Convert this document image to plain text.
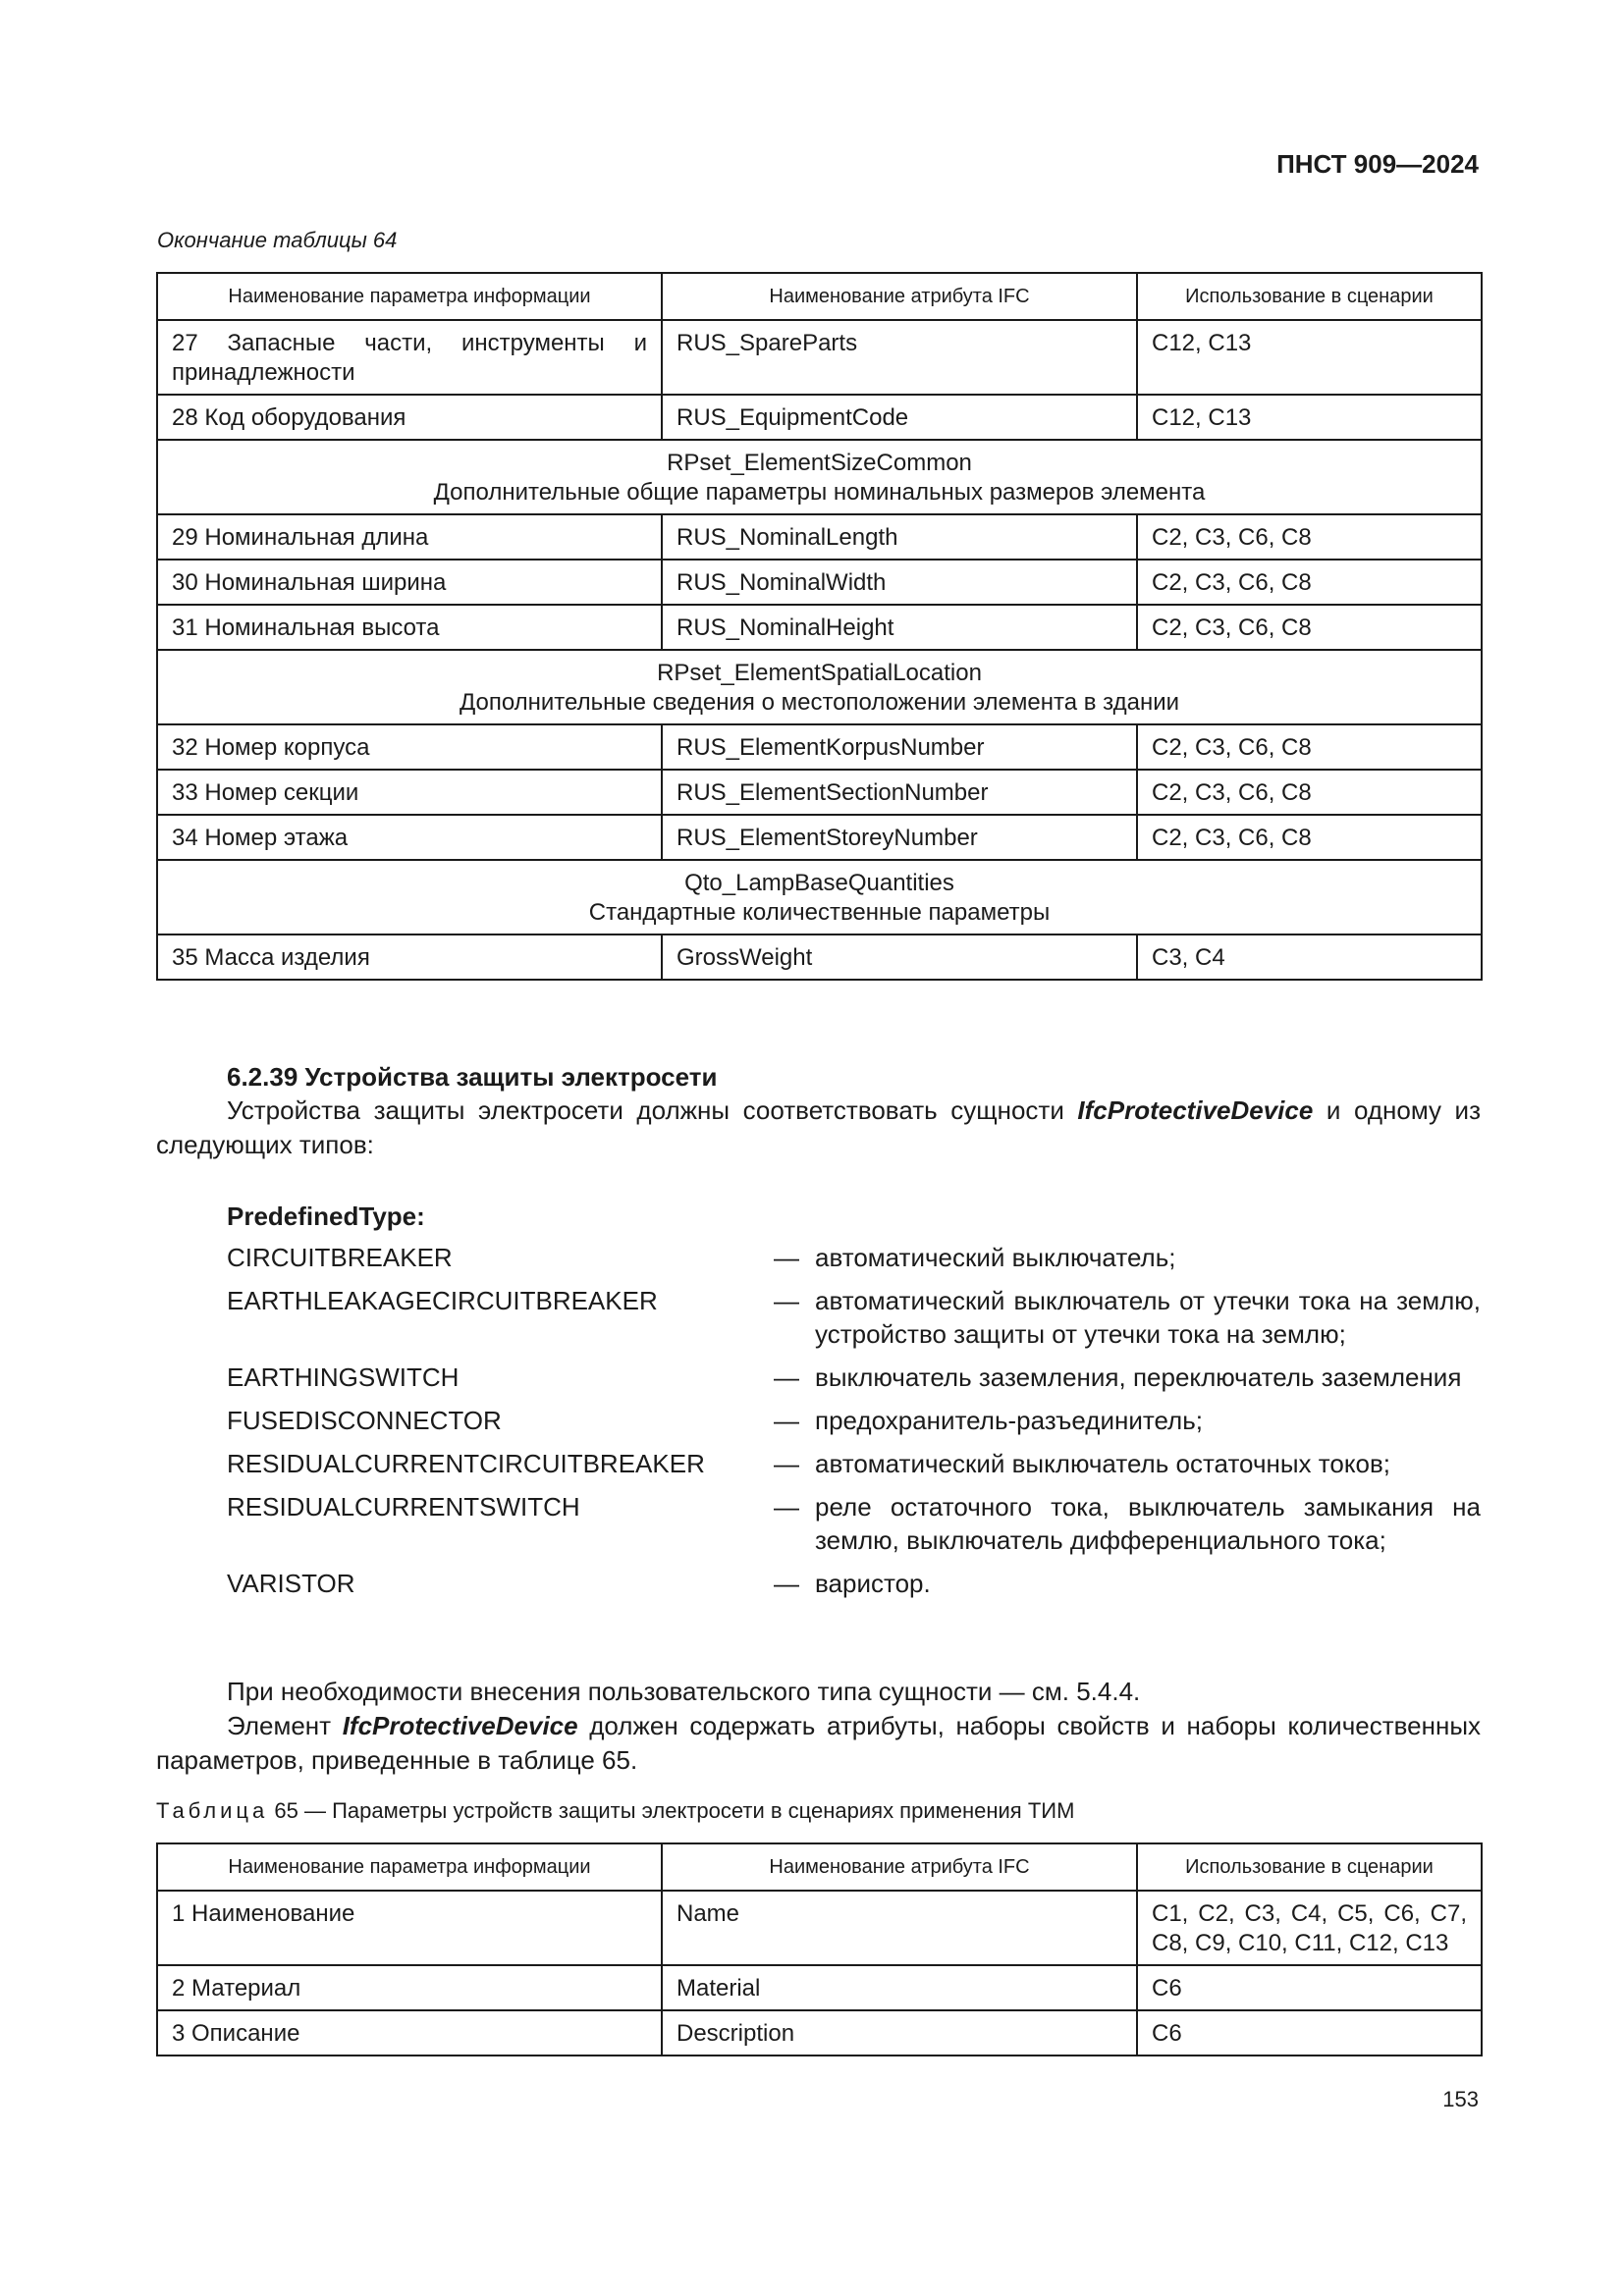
ПНСТ 909—2024
Окончание таблицы 64
Наименование параметра информации	Наименование атрибута IFC	Использование в сценарии
27 Запасные части, инструменты и принадлежности	RUS_SpareParts	C12, C13
28 Код оборудования	RUS_EquipmentCode	C12, C13

RPset_ElementSizeCommon
Дополнительные общие параметры номинальных размеров элемента		

29 Номинальная длина	RUS_NominalLength	C2, C3, C6, C8
30 Номинальная ширина	RUS_NominalWidth	C2, C3, C6, C8
31 Номинальная высота	RUS_NominalHeight	C2, C3, C6, C8

RPset_ElementSpatialLocation
Дополнительные сведения о местоположении элемента в здании		

32 Номер корпуса	RUS_ElementKorpusNumber	C2, C3, C6, C8
33 Номер секции	RUS_ElementSectionNumber	C2, C3, C6, C8
34 Номер этажа	RUS_ElementStoreyNumber	C2, C3, C6, C8

Qto_LampBaseQuantities
Стандартные количественные параметры		

35 Масса изделия	GrossWeight	C3, C4
6.2.39 Устройства защиты электросети
Устройства защиты электросети должны соответствовать сущности IfcProtectiveDevice и одному из следующих типов:
PredefinedType:
CIRCUITBREAKER	— автоматический выключатель;
EARTHLEAKAGECIRCUITBREAKER	— автоматический выключатель от утечки тока на землю, устройство защиты от утечки тока на землю;
EARTHINGSWITCH	— выключатель заземления, переключатель заземления
FUSEDISCONNECTOR	— предохранитель-разъединитель;
RESIDUALCURRENTCIRCUITBREAKER	— автоматический выключатель остаточных токов;
RESIDUALCURRENTSWITCH	— реле остаточного тока, выключатель замыкания на землю, выключатель дифференциального тока;
VARISTOR	— варистор.
При необходимости внесения пользовательского типа сущности — см. 5.4.4.
Элемент IfcProtectiveDevice должен содержать атрибуты, наборы свойств и наборы количественных параметров, приведенные в таблице 65.
Таблица 65 — Параметры устройств защиты электросети в сценариях применения ТИМ
Наименование параметра информации	Наименование атрибута IFC	Использование в сценарии
1 Наименование	Name	C1, C2, C3, C4, C5, C6, C7, C8, C9, C10, C11, C12, C13
2 Материал	Material	C6
3 Описание	Description	C6
153
